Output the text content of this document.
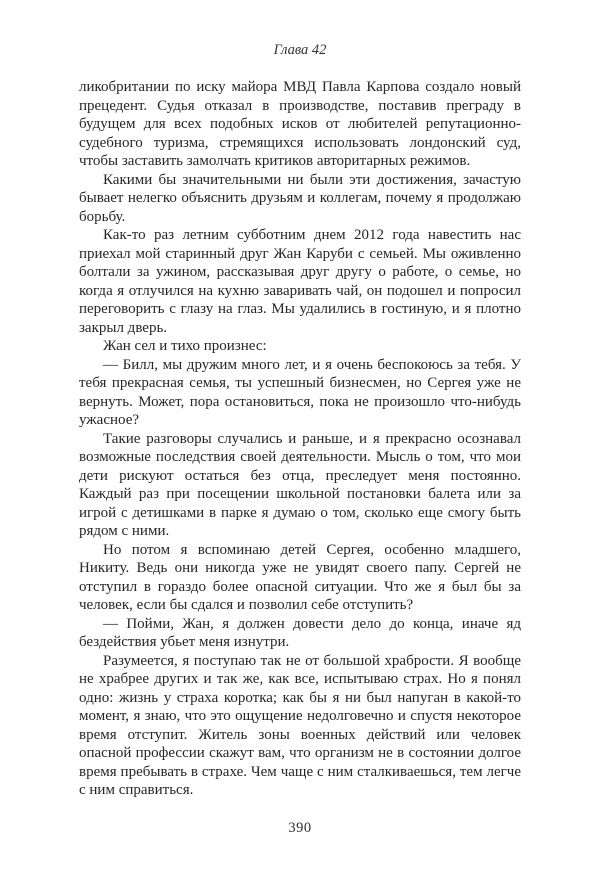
Глава 42

ликобритании по иску майора МВД Павла Карпова создало новый прецедент. Судья отказал в производстве, поставив преграду в будущем для всех подобных исков от любителей репутационно-судебного туризма, стремящихся использовать лондонский суд, чтобы заставить замолчать критиков авторитарных режимов.

Какими бы значительными ни были эти достижения, зачастую бывает нелегко объяснить друзьям и коллегам, почему я продолжаю борьбу.

Как-то раз летним субботним днем 2012 года навестить нас приехал мой старинный друг Жан Каруби с семьей. Мы оживленно болтали за ужином, рассказывая друг другу о работе, о семье, но когда я отлучился на кухню заваривать чай, он подошел и попросил переговорить с глазу на глаз. Мы удалились в гостиную, и я плотно закрыл дверь.

Жан сел и тихо произнес:

— Билл, мы дружим много лет, и я очень беспокоюсь за тебя. У тебя прекрасная семья, ты успешный бизнесмен, но Сергея уже не вернуть. Может, пора остановиться, пока не произошло что-нибудь ужасное?

Такие разговоры случались и раньше, и я прекрасно осознавал возможные последствия своей деятельности. Мысль о том, что мои дети рискуют остаться без отца, преследует меня постоянно. Каждый раз при посещении школьной постановки балета или за игрой с детишками в парке я думаю о том, сколько еще смогу быть рядом с ними.

Но потом я вспоминаю детей Сергея, особенно младшего, Никиту. Ведь они никогда уже не увидят своего папу. Сергей не отступил в гораздо более опасной ситуации. Что же я был бы за человек, если бы сдался и позволил себе отступить?

— Пойми, Жан, я должен довести дело до конца, иначе яд бездействия убьет меня изнутри.

Разумеется, я поступаю так не от большой храбрости. Я вообще не храбрее других и так же, как все, испытываю страх. Но я понял одно: жизнь у страха коротка; как бы я ни был напуган в какой-то момент, я знаю, что это ощущение недолговечно и спустя некоторое время отступит. Житель зоны военных действий или человек опасной профессии скажут вам, что организм не в состоянии долгое время пребывать в страхе. Чем чаще с ним сталкиваешься, тем легче с ним справиться.

390
